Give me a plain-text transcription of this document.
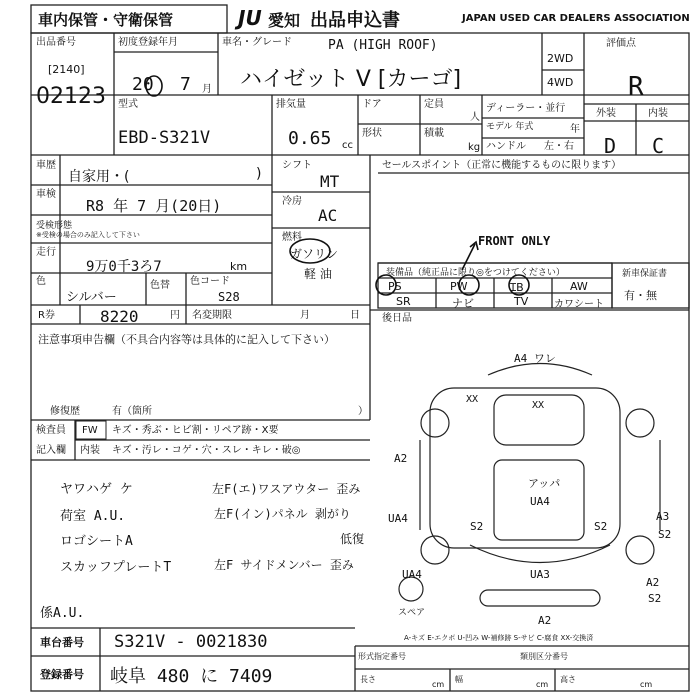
車内保管・守衛保管	JU 愛知 出品申込書	JAPAN USED CAR DEALERS ASSOCIATION
出品番号
[2140]
02123
初度登録年月
20 7 月
車名・グレード	PA (HIGH ROOF)
ハイゼット V [カーゴ]
2WD
4WD
評価点
R
型式
EBD-S321V
排気量
0.65 cc
ドア	定員
人
形状	積載
kg
ディーラー・並行
モデル 年式	年
ハンドル 左・右
外装	内装
D C
車歴
自家用・(	)
車検
R8 年 7 月(20日)
受検形態
※受検の場合のみ記入して下さい
走行
9万0千3ろ7	km
色
シルバー
色替 色コード
S28
シフト
MT
冷房
AC
燃料
ガソリン
軽 油
セールスポイント（正常に機能するものに限ります）
FRONT ONLY
装備品（純正品に限り◎をつけてください）
PS	PW	ꞮB	AW
SR	ナビ	TV	カワシート
新車保証書
有・無
後日品
R券	8220	円 名変期限	月	日
注意事項申告欄（不具合内容等は具体的に記入して下さい）
修復歴	有（箇所	）
検査員
記入欄
FW キズ・秀ぶ・ヒビ割・リペア跡・X要
内装 キズ・汚レ・コゲ・穴・スレ・キレ・破◎
ヤワハゲ ケ
荷室 A.U.
ロゴシートA
スカッフプレートT
係A.U.
左F(エ)ワスアウター 歪み
左F(イン)パネル 剥がり
低復
左F サイドメンバー 歪み
A4 ワレ
XX
XX
A2
UA4
S2
UA4
アッパ
UA4
S2
A3
S2
UA3
A2
S2
A2
スペア
A-キズ E-エクボ U-凹み W-補修跡 S-サビ C-腐食 XX-交換済
車台番号 S321V - 0021830
登録番号 岐阜 480 に 7409
形式指定番号	類別区分番号
長さ
cm
幅
cm
高さ
cm
